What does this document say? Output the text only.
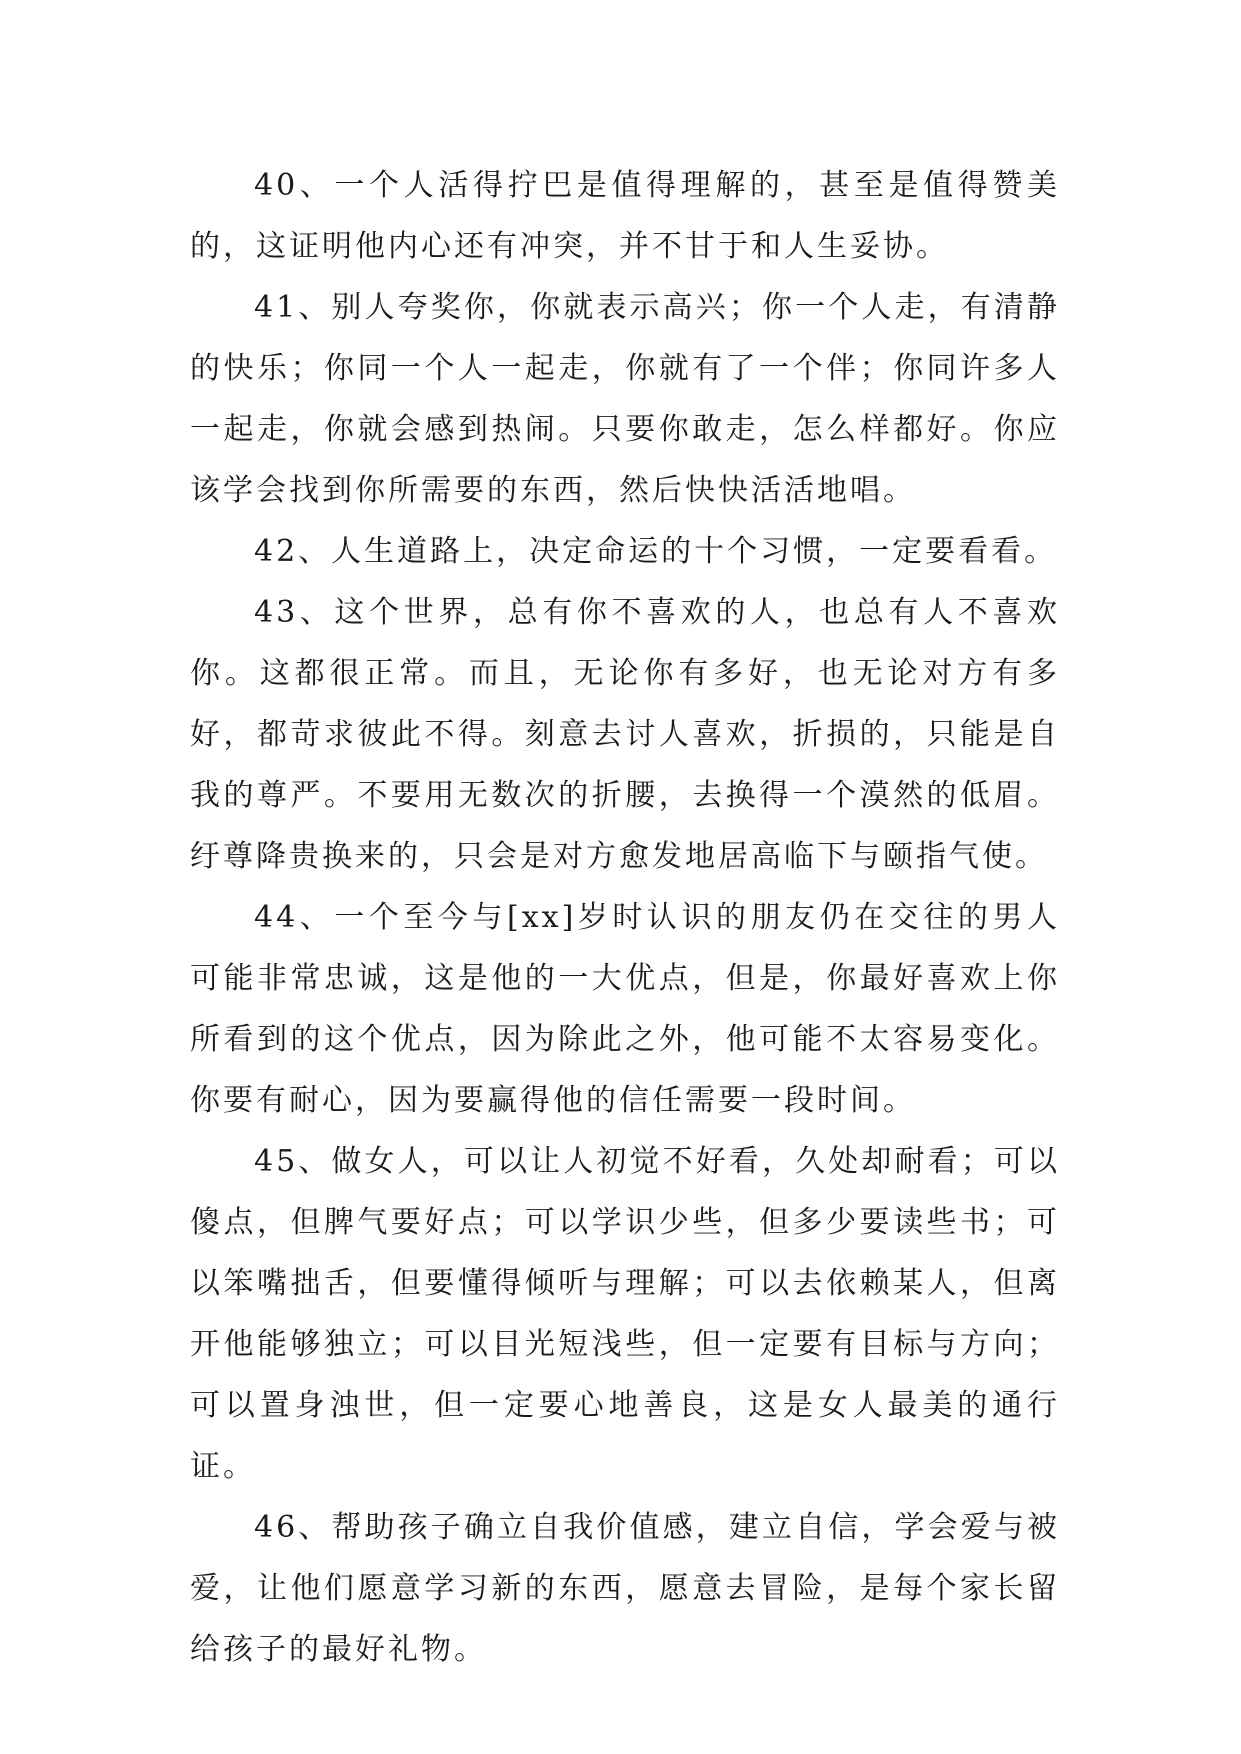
40、一个人活得拧巴是值得理解的，甚至是值得赞美的，这证明他内心还有冲突，并不甘于和人生妥协。

41、别人夸奖你，你就表示高兴；你一个人走，有清静的快乐；你同一个人一起走，你就有了一个伴；你同许多人一起走，你就会感到热闹。只要你敢走，怎么样都好。你应该学会找到你所需要的东西，然后快快活活地唱。

42、人生道路上，决定命运的十个习惯，一定要看看。

43、这个世界，总有你不喜欢的人，也总有人不喜欢你。这都很正常。而且，无论你有多好，也无论对方有多好，都苛求彼此不得。刻意去讨人喜欢，折损的，只能是自我的尊严。不要用无数次的折腰，去换得一个漠然的低眉。纡尊降贵换来的，只会是对方愈发地居高临下与颐指气使。

44、一个至今与[xx]岁时认识的朋友仍在交往的男人可能非常忠诚，这是他的一大优点，但是，你最好喜欢上你所看到的这个优点，因为除此之外，他可能不太容易变化。你要有耐心，因为要赢得他的信任需要一段时间。

45、做女人，可以让人初觉不好看，久处却耐看；可以傻点，但脾气要好点；可以学识少些，但多少要读些书；可以笨嘴拙舌，但要懂得倾听与理解；可以去依赖某人，但离开他能够独立；可以目光短浅些，但一定要有目标与方向；可以置身浊世，但一定要心地善良，这是女人最美的通行证。

46、帮助孩子确立自我价值感，建立自信，学会爱与被爱，让他们愿意学习新的东西，愿意去冒险，是每个家长留给孩子的最好礼物。
